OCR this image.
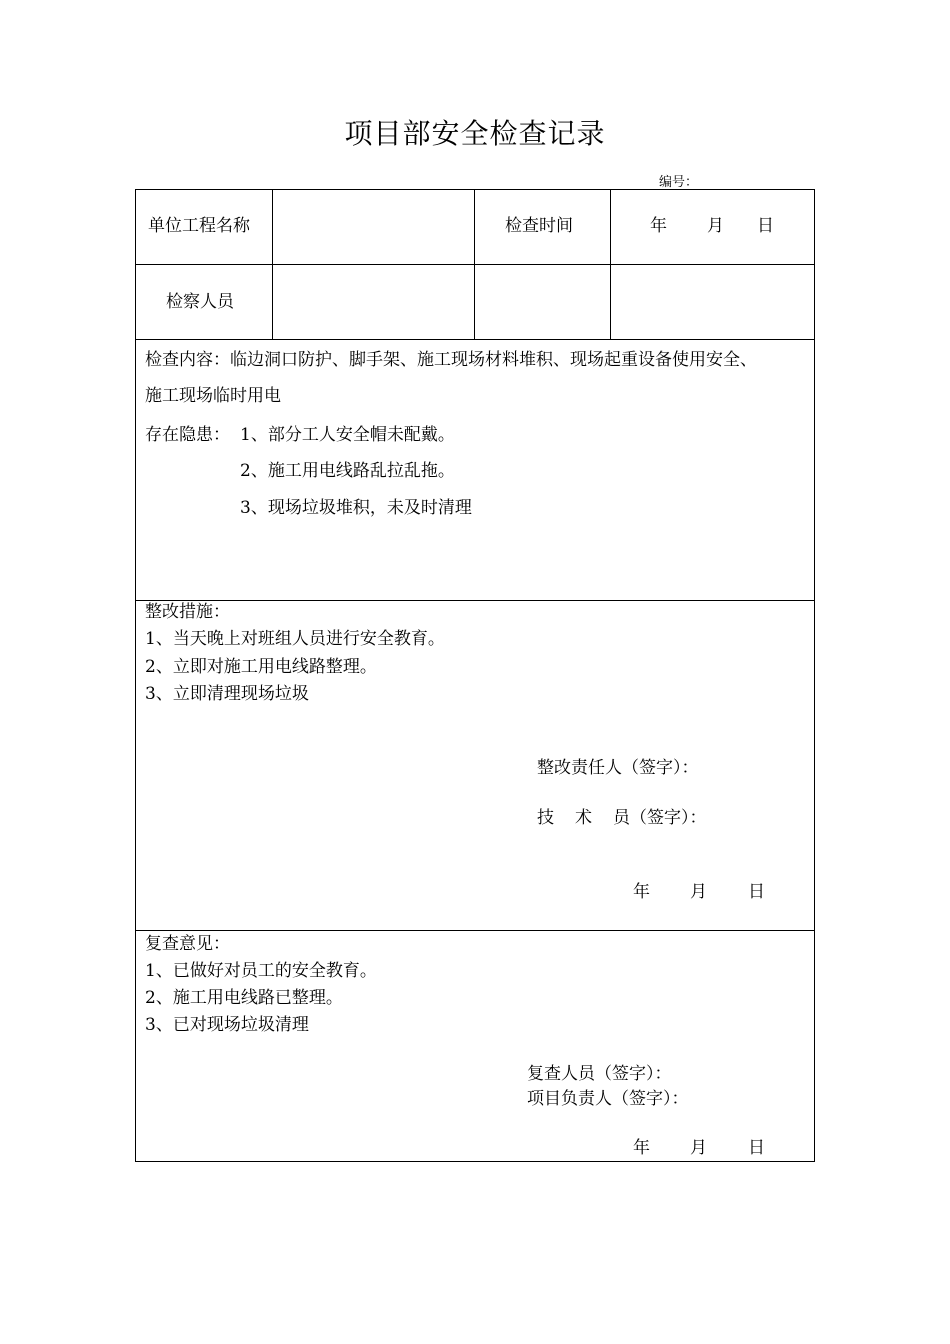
项目部安全检查记录
编号：
单位工程名称	检查时间	年 月 日
检察人员
检查内容：临边洞口防护、脚手架、施工现场材料堆积、现场起重设备使用安全、
施工现场临时用电
存在隐患： 1、部分工人安全帽未配戴。
2、施工用电线路乱拉乱拖。
3、现场垃圾堆积，未及时清理
整改措施：
1、当天晚上对班组人员进行安全教育。
2、立即对施工用电线路整理。
3、立即清理现场垃圾
整改责任人（签字）：
技 术 员（签字）：
年 月 日
复查意见：
1、已做好对员工的安全教育。
2、施工用电线路已整理。
3、已对现场垃圾清理
复查人员（签字）：
项目负责人（签字）：
年 月 日
